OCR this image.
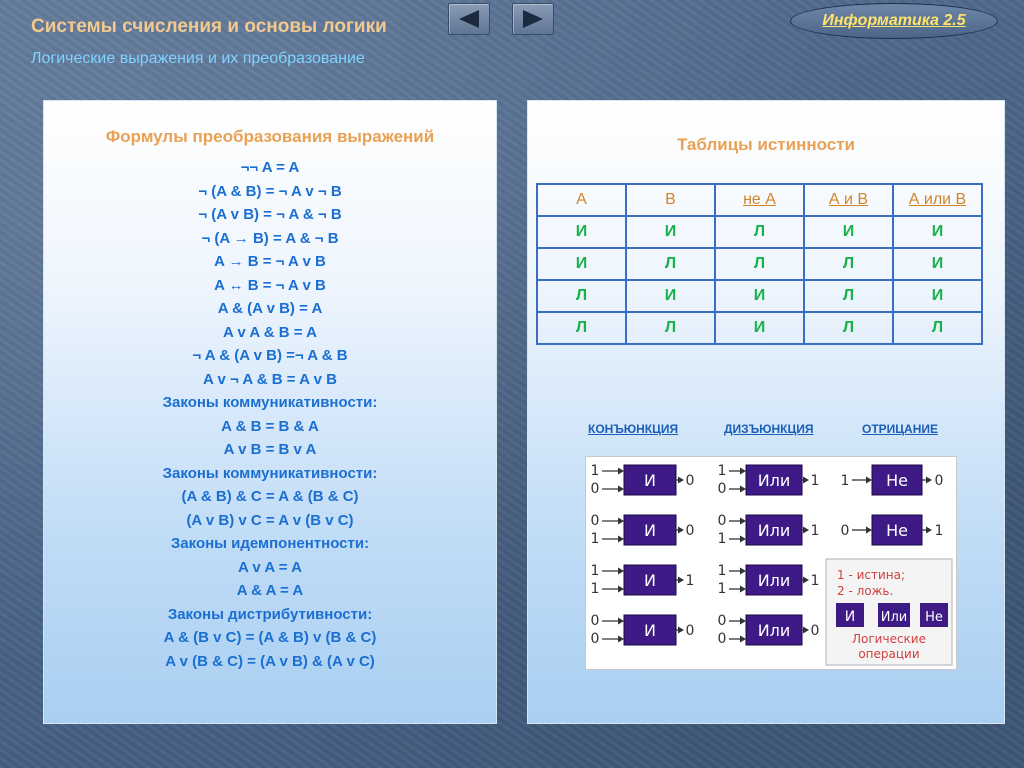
Системы счисления и основы логики
Логические выражения и их преобразование
Информатика 2.5
Формулы преобразования выражений
¬¬ A = A
¬ (A & B) = ¬ A v ¬ B
¬ (A v B) = ¬ A & ¬ B
¬ (A → B) = A & ¬ B
A → B = ¬ A v B
A ↔ B = ¬ A v B
A & (A v B) = A
A v A & B = A
¬ A & (A v B) =¬ A & B
A v ¬ A & B = A v B
Законы коммуникативности:
A & B = B & A
A v B = B v A
Законы коммуникативности:
(A & B) & C = A & (B & C)
(A v B) v C = A v (B v C)
Законы идемпонентности:
A v A = A
A & A = A
Законы дистрибутивности:
A & (B v C) = (A & B) v (B & C)
A v (B & C) = (A v B) & (A v C)
Таблицы истинности
А	В	не А	А и В	А или В
И	И	Л	И	И
И	Л	Л	Л	И
Л	И	И	Л	И
Л	Л	И	Л	Л
КОНЪЮНКЦИЯ	ДИЗЪЮНКЦИЯ	ОТРИЦАНИЕ
1
0	И 0
0
1	И 0
1
1	И 1
0
0	И 0
1
0 Или 1
0
1 Или 1
1
1 Или 1
0
0 Или 0
1 Не 0
0 Не 1
1 - истина;
2 - ложь.
И Или Не
Логические
операции
